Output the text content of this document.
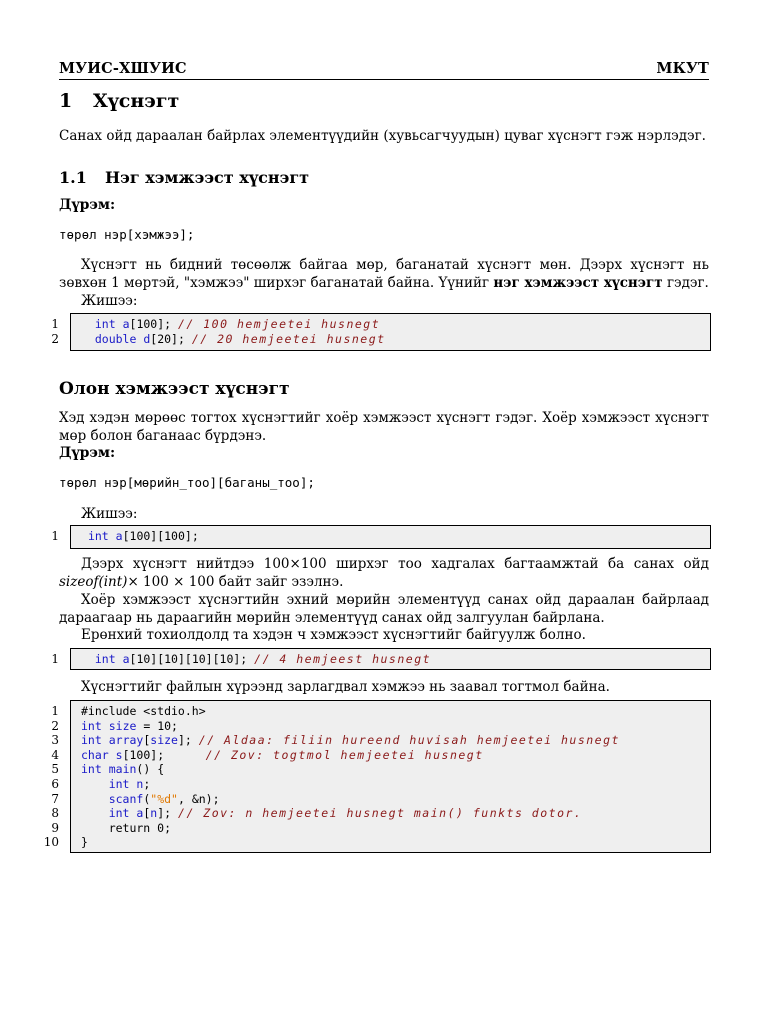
МУИС-ХШУИС	МКУТ
1 Хүснэгт
Санах ойд дараалан байрлах элементүүдийн (хувьсагчуудын) цуваг хүснэгт гэж нэрлэдэг.
1.1 Нэг хэмжээст хүснэгт
Дүрэм:
төрөл нэр[хэмжээ];
Хүснэгт нь бидний төсөөлж байгаа мөр, баганатай хүснэгт мөн. Дээрх хүснэгт нь зөвхөн 1 мөртэй, "хэмжээ" ширхэг баганатай байна. Үүнийг нэг хэмжээст хүснэгт гэдэг.
Жишээ:
1	int a[100]; // 100 hemjeetei husnegt
2	double d[20]; // 20 hemjeetei husnegt
Олон хэмжээст хүснэгт
Хэд хэдэн мөрөөс тогтох хүснэгтийг хоёр хэмжээст хүснэгт гэдэг. Хоёр хэмжээст хүснэгт мөр болон баганаас бүрдэнэ.
Дүрэм:
төрөл нэр[мөрийн_тоо][баганы_тоо];
Жишээ:
1	int a[100][100];
Дээрх хүснэгт нийтдээ 100×100 ширхэг тоо хадгалах багтаамжтай ба санах ойд sizeof(int)× 100 × 100 байт зайг эзэлнэ.
Хоёр хэмжээст хүснэгтийн эхний мөрийн элементүүд санах ойд дараалан байрлаад дараагаар нь дараагийн мөрийн элементүүд санах ойд залгуулан байрлана.
Ерөнхий тохиолдолд та хэдэн ч хэмжээст хүснэгтийг байгуулж болно.
1	int a[10][10][10][10]; // 4 hemjeest husnegt
Хүснэгтийг файлын хүрээнд зарлагдвал хэмжээ нь заавал тогтмол байна.
1 #include <stdio.h>
2 int size = 10;
3 int array[size]; // Aldaa: filiin hureend huvisah hemjeetei husnegt
4 char s[100];      // Zov: togtmol hemjeetei husnegt
5 int main() {
6	int n;
7	scanf("%d", &n);
8	int a[n]; // Zov: n hemjeetei husnegt main() funkts dotor.
9 return 0;
10 }
